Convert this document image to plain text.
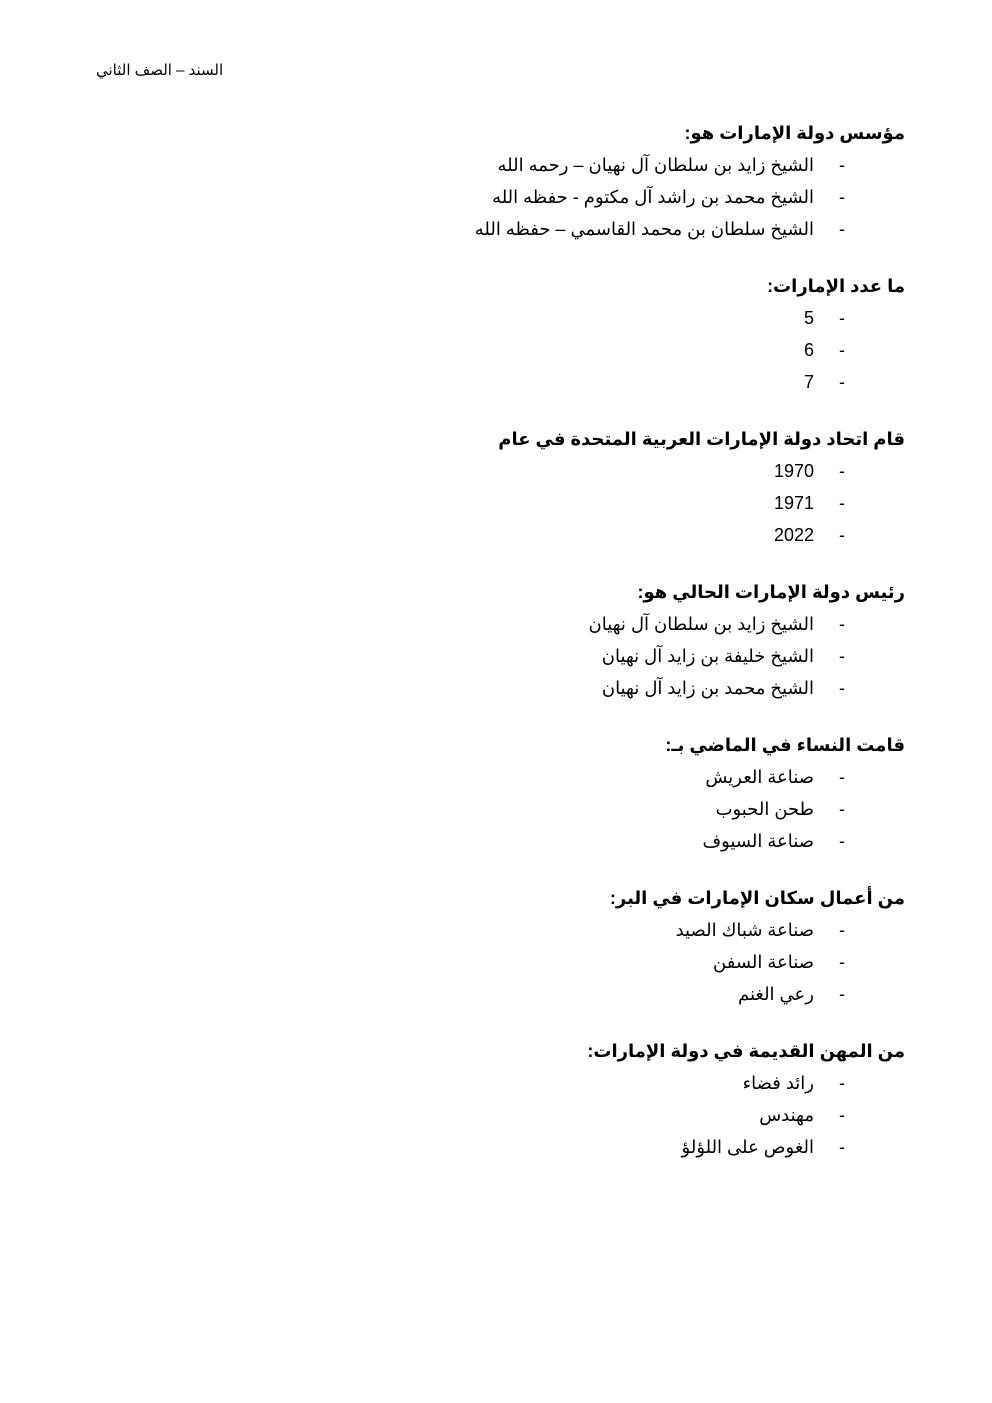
السند – الصف الثاني
مؤسس دولة الإمارات هو:
-
الشيخ زايد بن سلطان آل نهيان – رحمه الله
-
الشيخ محمد بن راشد آل مكتوم - حفظه الله
-
الشيخ سلطان بن محمد القاسمي – حفظه الله
ما عدد الإمارات:
-
5
-
6
-
7
قام اتحاد دولة الإمارات العربية المتحدة في عام
-
1970
-
1971
-
2022
رئيس دولة الإمارات الحالي هو:
-
الشيخ زايد بن سلطان آل نهيان
-
الشيخ خليفة بن زايد آل نهيان
-
الشيخ محمد بن زايد آل نهيان
قامت النساء في الماضي بـ:
-
صناعة العريش
-
طحن الحبوب
-
صناعة السيوف
من أعمال سكان الإمارات في البر:
-
صناعة شباك الصيد
-
صناعة السفن
-
رعي الغنم
من المهن القديمة في دولة الإمارات:
-
رائد فضاء
-
مهندس
-
الغوص على اللؤلؤ
